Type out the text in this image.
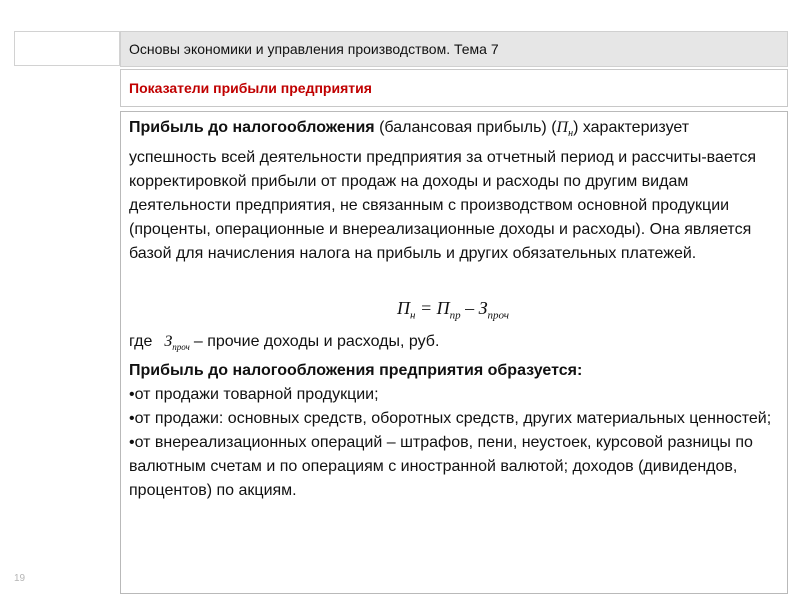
Основы экономики и управления производством. Тема 7
Показатели прибыли предприятия

Прибыль до налогообложения (балансовая прибыль) $(П_н)$ характеризует успешность всей деятельности предприятия за отчетный период и рассчиты-вается корректировкой прибыли от продаж на доходы и расходы по другим видам деятельности предприятия, не связанным с производством основной продукции (проценты, операционные и внереализационные доходы и расходы). Она является базой для начисления налога на прибыль и других обязательных платежей.

$П_н = П_{пр} - З_{проч}$

где $З_{проч}$ – прочие доходы и расходы, руб.

Прибыль до налогообложения предприятия образуется:

•от продажи товарной продукции;

•от продажи: основных средств, оборотных средств, других материальных ценностей;

•от внереализационных операций – штрафов, пени, неустоек, курсовой разницы по валютным счетам и по операциям с иностранной валютой; доходов (дивидендов, процентов) по акциям.

19
